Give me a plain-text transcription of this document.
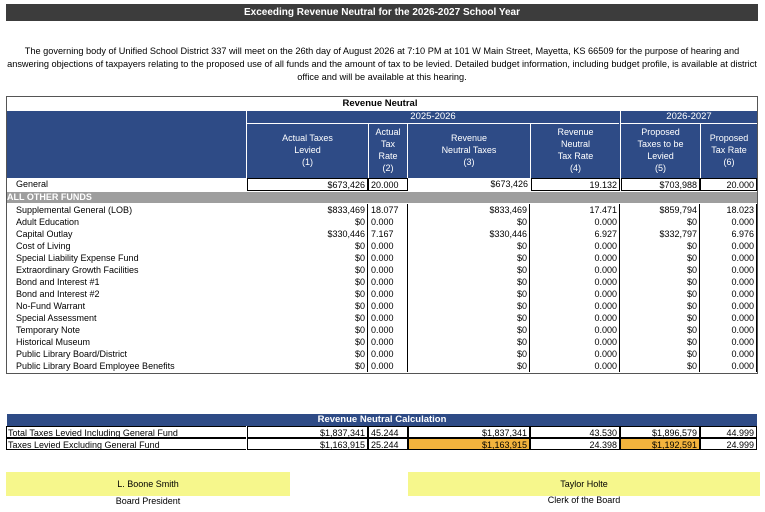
Exceeding Revenue Neutral for the 2026-2027 School Year
The governing body of Unified School District 337 will meet on the 26th day of August 2026 at 7:10 PM at 101 W Main Street, Mayetta, KS 66509 for the purpose of hearing and answering objections of taxpayers relating to the proposed use of all funds and the amount of tax to be levied. Detailed budget information, including budget profile, is available at district office and will be available at this hearing.
Revenue Neutral
2025-2026	2026-2027
Actual Taxes
Levied
(1)
Actual
Tax
Rate
(2)
Revenue
Neutral Taxes
(3)
Revenue
Neutral
Tax Rate
(4)
Proposed
Taxes to be
Levied
(5)
Proposed
Tax Rate
(6)
General	$673,426 20.000	$673,426	19.132	$703,988	20.000
ALL OTHER FUNDS
Supplemental General (LOB)	$833,469 18.077	$833,469	17.471	$859,794	18.023
Adult Education	$0 0.000	$0	0.000	$0	0.000
Capital Outlay	$330,446 7.167	$330,446	6.927	$332,797	6.976
Cost of Living	$0 0.000	$0	0.000	$0	0.000
Special Liability Expense Fund	$0 0.000	$0	0.000	$0	0.000
Extraordinary Growth Facilities	$0 0.000	$0	0.000	$0	0.000
Bond and Interest #1	$0 0.000	$0	0.000	$0	0.000
Bond and Interest #2	$0 0.000	$0	0.000	$0	0.000
No-Fund Warrant	$0 0.000	$0	0.000	$0	0.000
Special Assessment	$0 0.000	$0	0.000	$0	0.000
Temporary Note	$0 0.000	$0	0.000	$0	0.000
Historical Museum	$0 0.000	$0	0.000	$0	0.000
Public Library Board/District	$0 0.000	$0	0.000	$0	0.000
Public Library Board Employee Benefits	$0 0.000	$0	0.000	$0	0.000
Revenue Neutral Calculation
Total Taxes Levied Including General Fund	$1,837,341 45.244	$1,837,341	43.530	$1,896,579	44.999
Taxes Levied Excluding General Fund	$1,163,915 25.244	$1,163,915	24.398	$1,192,591	24.999
L. Boone Smith
Board President
Taylor Holte
Clerk of the Board
